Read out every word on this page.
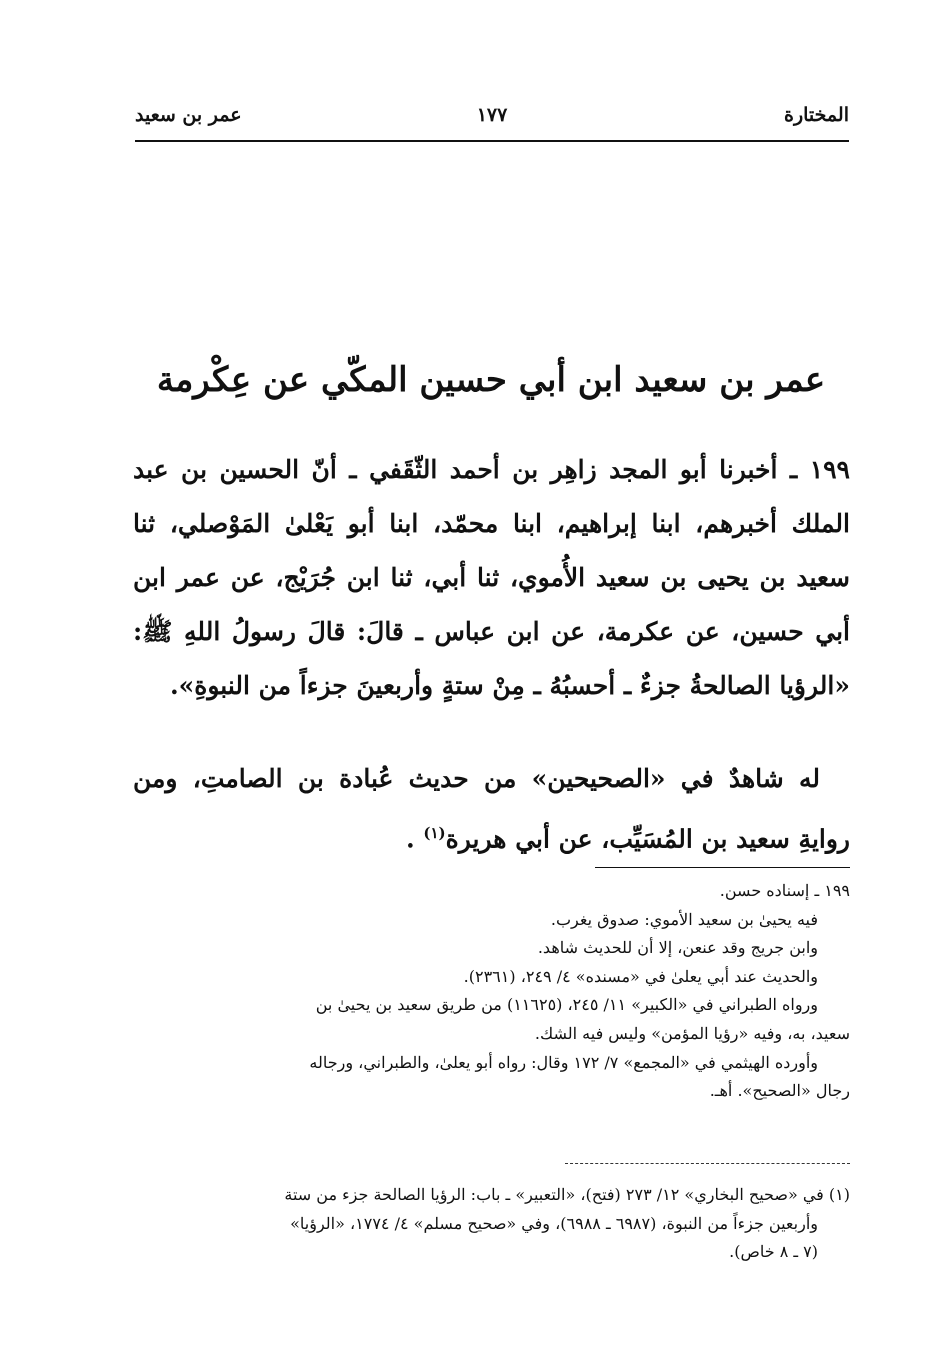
المختارة
١٧٧
عمر بن سعيد
عمر بن سعيد ابن أبي حسين المكّي عن عِكْرمة

١٩٩ ـ أخبرنا أبو المجد زاهِر بن أحمد الثّقَفي ـ أنّ الحسين بن عبد الملك أخبرهم، ابنا إبراهيم، ابنا محمّد، ابنا أبو يَعْلىٰ المَوْصلي، ثنا سعيد بن يحيى بن سعيد الأُموي، ثنا أبي، ثنا ابن جُرَيْج، عن عمر ابن أبي حسين، عن عكرمة، عن ابن عباس ـ قالَ: قالَ رسولُ اللهِ ﷺ: «الرؤيا الصالحةُ جزءٌ ـ أحسبُهُ ـ مِنْ ستةٍ وأربعينَ جزءاً من النبوةِ».

له شاهدٌ في «الصحيحين» من حديث عُبادة بن الصامتِ، ومن روايةِ سعيد بن المُسَيِّب، عن أبي هريرة$^{(١)}$ .

١٩٩ ـ إسناده حسن.
فيه يحيىٰ بن سعيد الأموي: صدوق يغرب.
وابن جريج وقد عنعن، إلا أن للحديث شاهد.
والحديث عند أبي يعلىٰ في «مسنده» ٤/ ٢٤٩، (٢٣٦١).
ورواه الطبراني في «الكبير» ١١/ ٢٤٥، (١١٦٢٥) من طريق سعيد بن يحيىٰ بن
سعيد، به، وفيه «رؤيا المؤمن» وليس فيه الشك.
وأورده الهيثمي في «المجمع» ٧/ ١٧٢ وقال: رواه أبو يعلىٰ، والطبراني، ورجاله
رجال «الصحيح». أهـ.
(١) في «صحيح البخاري» ١٢/ ٢٧٣ (فتح)، «التعبير» ـ باب: الرؤيا الصالحة جزء من ستة
وأربعين جزءاً من النبوة، (٦٩٨٧ ـ ٦٩٨٨)، وفي «صحيح مسلم» ٤/ ١٧٧٤، «الرؤيا»
(٧ ـ ٨ خاص).
